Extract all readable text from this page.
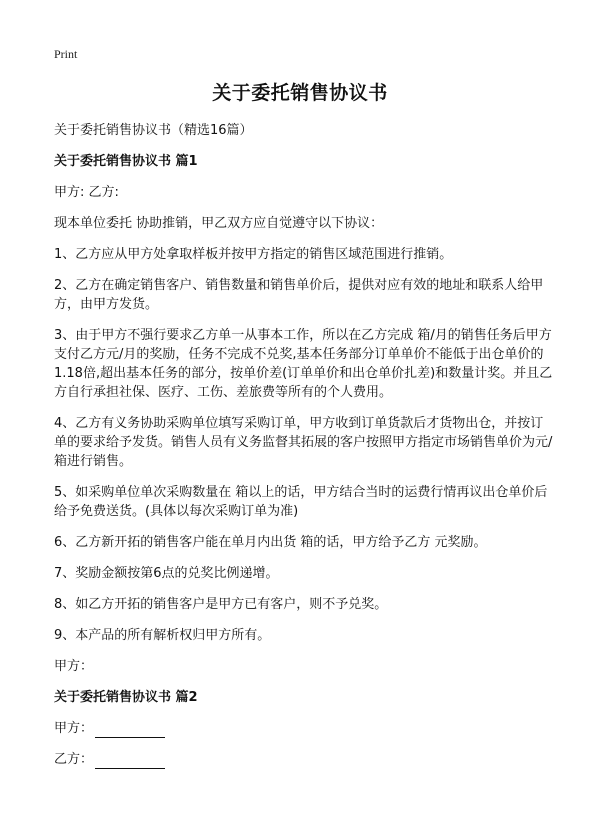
Print
关于委托销售协议书

关于委托销售协议书（精选16篇）

关于委托销售协议书 篇1

甲方: 乙方:

现本单位委托 协助推销，甲乙双方应自觉遵守以下协议：

1、乙方应从甲方处拿取样板并按甲方指定的销售区域范围进行推销。

2、乙方在确定销售客户、销售数量和销售单价后，提供对应有效的地址和联系人给甲方，由甲方发货。

3、由于甲方不强行要求乙方单一从事本工作，所以在乙方完成 箱/月的销售任务后甲方支付乙方元/月的奖励，任务不完成不兑奖,基本任务部分订单单价不能低于出仓单价的1.18倍,超出基本任务的部分，按单价差(订单单价和出仓单价扎差)和数量计奖。并且乙方自行承担社保、医疗、工伤、差旅费等所有的个人费用。

4、乙方有义务协助采购单位填写采购订单，甲方收到订单货款后才货物出仓，并按订单的要求给予发货。销售人员有义务监督其拓展的客户按照甲方指定市场销售单价为元/箱进行销售。

5、如采购单位单次采购数量在 箱以上的话，甲方结合当时的运费行情再议出仓单价后给予免费送货。(具体以每次采购订单为准)

6、乙方新开拓的销售客户能在单月内出货 箱的话，甲方给予乙方 元奖励。

7、奖励金额按第6点的兑奖比例递增。

8、如乙方开拓的销售客户是甲方已有客户，则不予兑奖。

9、本产品的所有解析权归甲方所有。

甲方：

关于委托销售协议书 篇2

甲方：
乙方：
